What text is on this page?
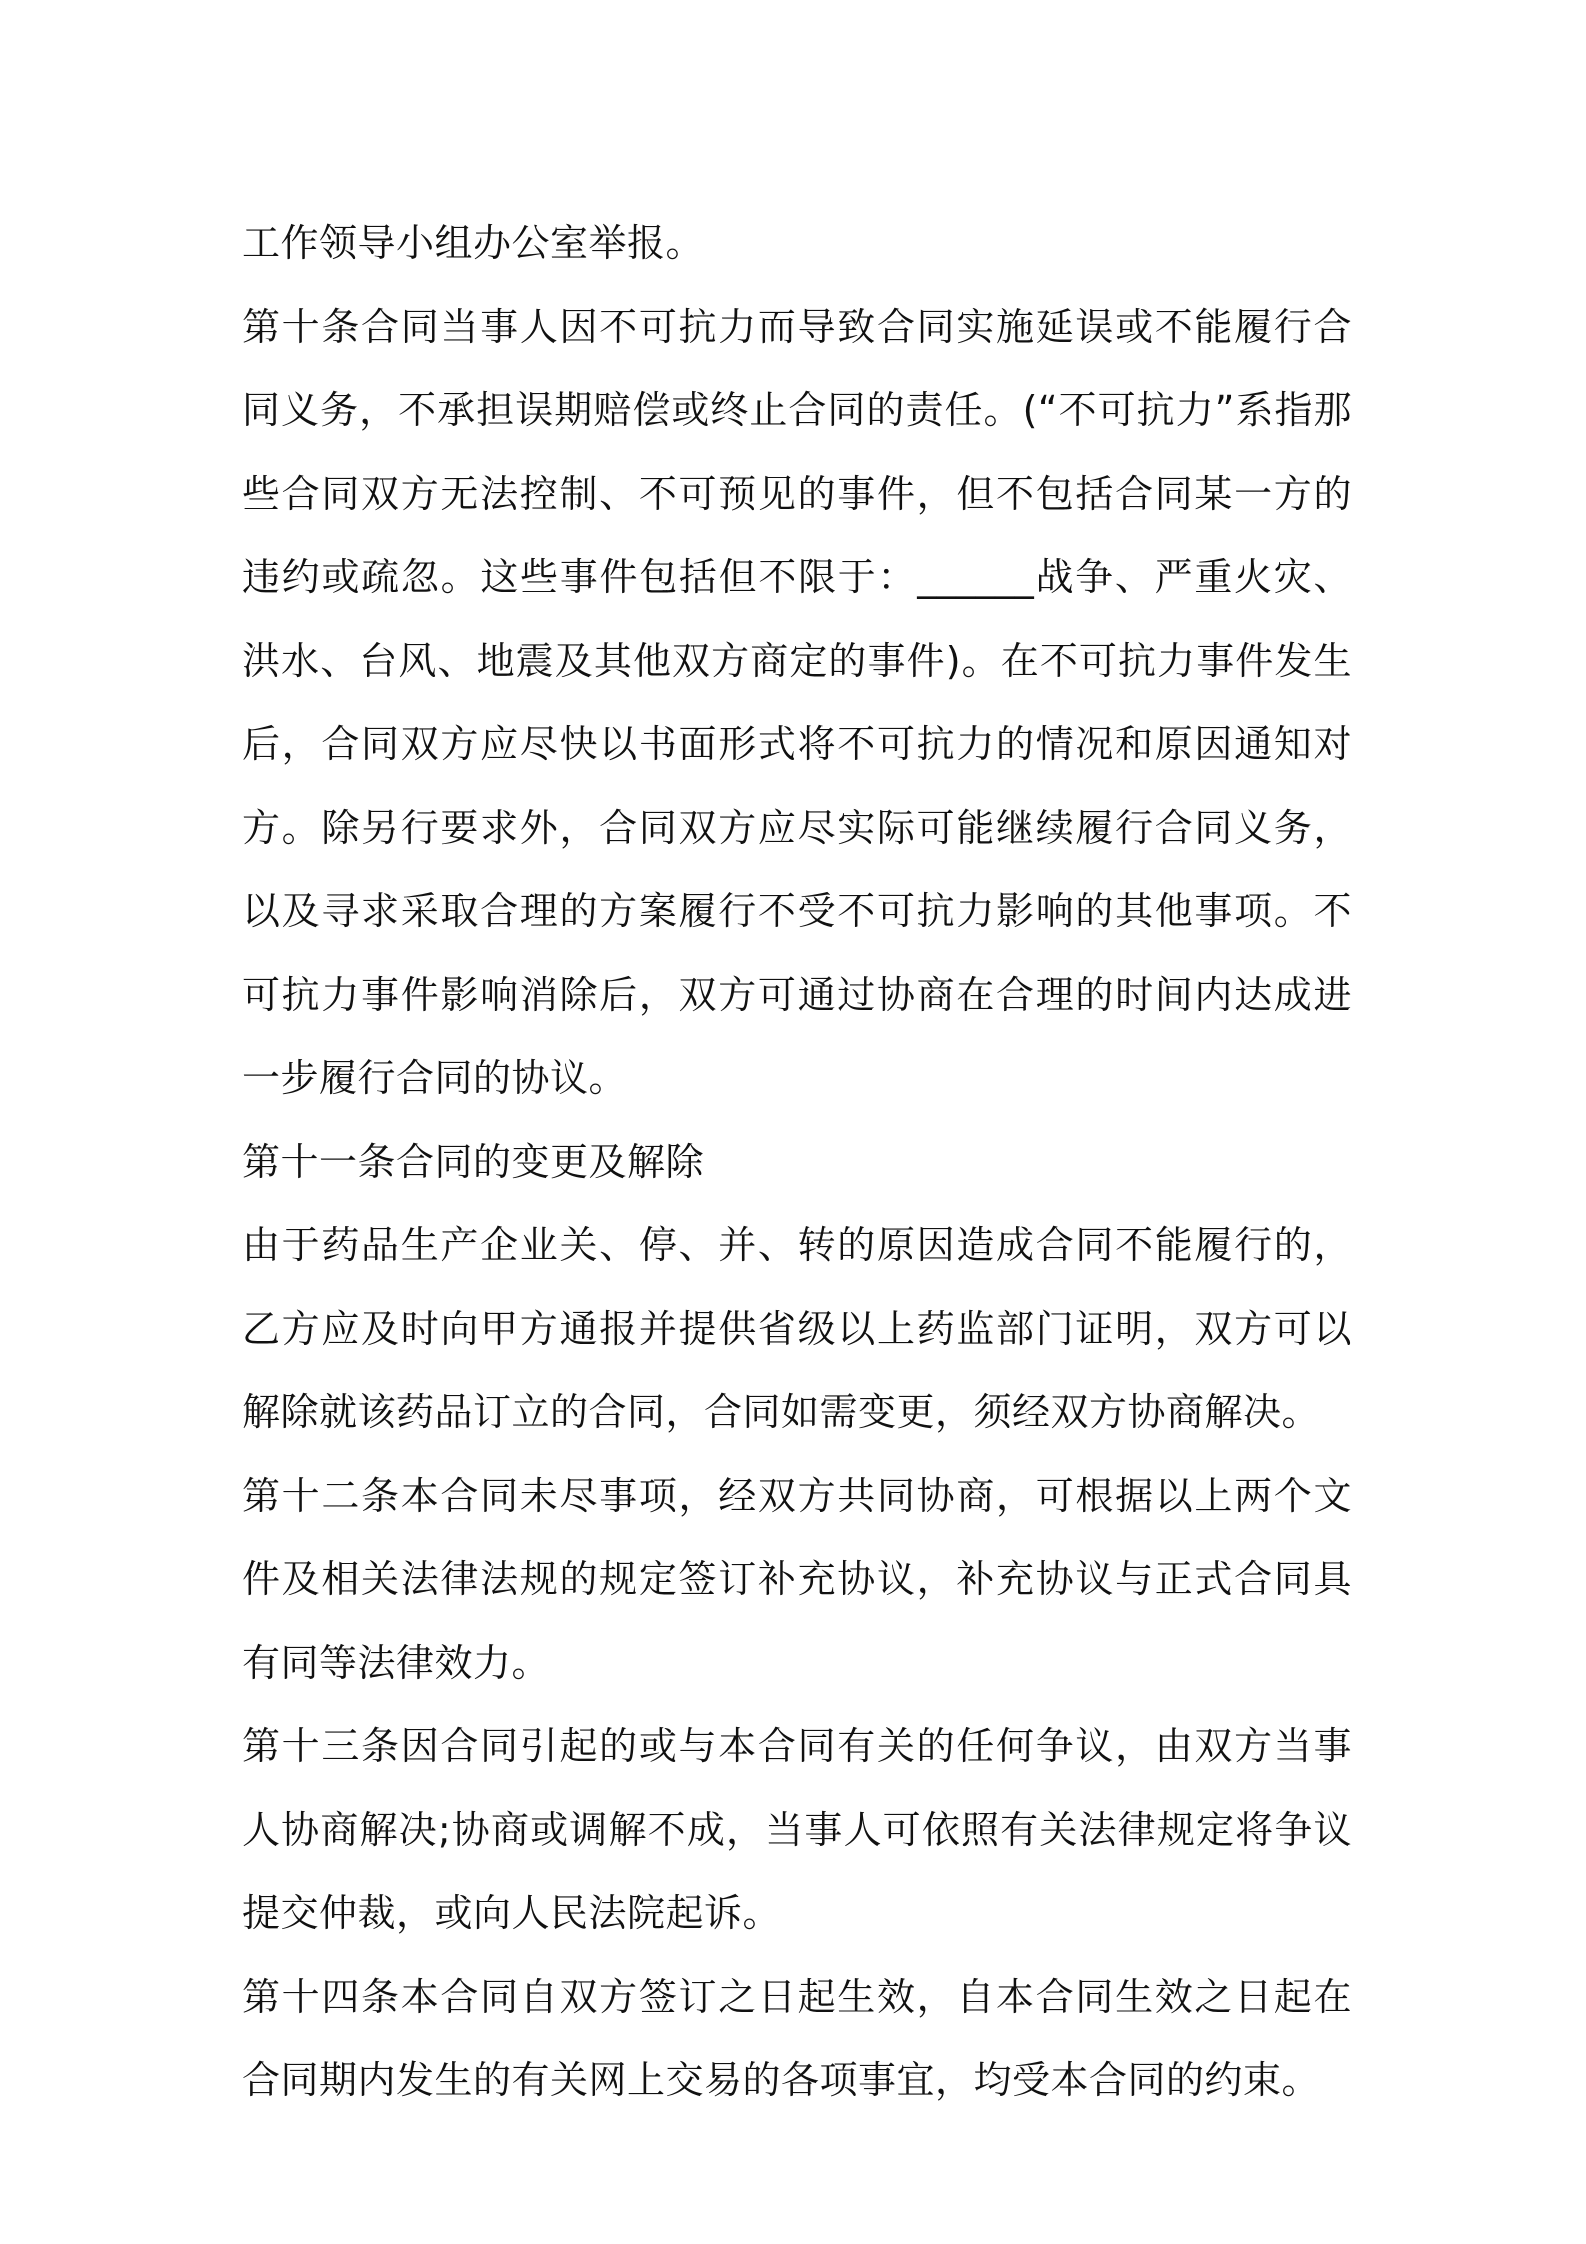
工作领导小组办公室举报。

第十条合同当事人因不可抗力而导致合同实施延误或不能履行合同义务，不承担误期赔偿或终止合同的责任。(“不可抗力”系指那些合同双方无法控制、不可预见的事件，但不包括合同某一方的违约或疏忽。这些事件包括但不限于：______战争、严重火灾、洪水、台风、地震及其他双方商定的事件)。在不可抗力事件发生后，合同双方应尽快以书面形式将不可抗力的情况和原因通知对方。除另行要求外，合同双方应尽实际可能继续履行合同义务，以及寻求采取合理的方案履行不受不可抗力影响的其他事项。不可抗力事件影响消除后，双方可通过协商在合理的时间内达成进一步履行合同的协议。

第十一条合同的变更及解除

由于药品生产企业关、停、并、转的原因造成合同不能履行的，乙方应及时向甲方通报并提供省级以上药监部门证明，双方可以解除就该药品订立的合同，合同如需变更，须经双方协商解决。

第十二条本合同未尽事项，经双方共同协商，可根据以上两个文件及相关法律法规的规定签订补充协议，补充协议与正式合同具有同等法律效力。

第十三条因合同引起的或与本合同有关的任何争议，由双方当事人协商解决;协商或调解不成，当事人可依照有关法律规定将争议提交仲裁，或向人民法院起诉。

第十四条本合同自双方签订之日起生效，自本合同生效之日起在合同期内发生的有关网上交易的各项事宜，均受本合同的约束。
